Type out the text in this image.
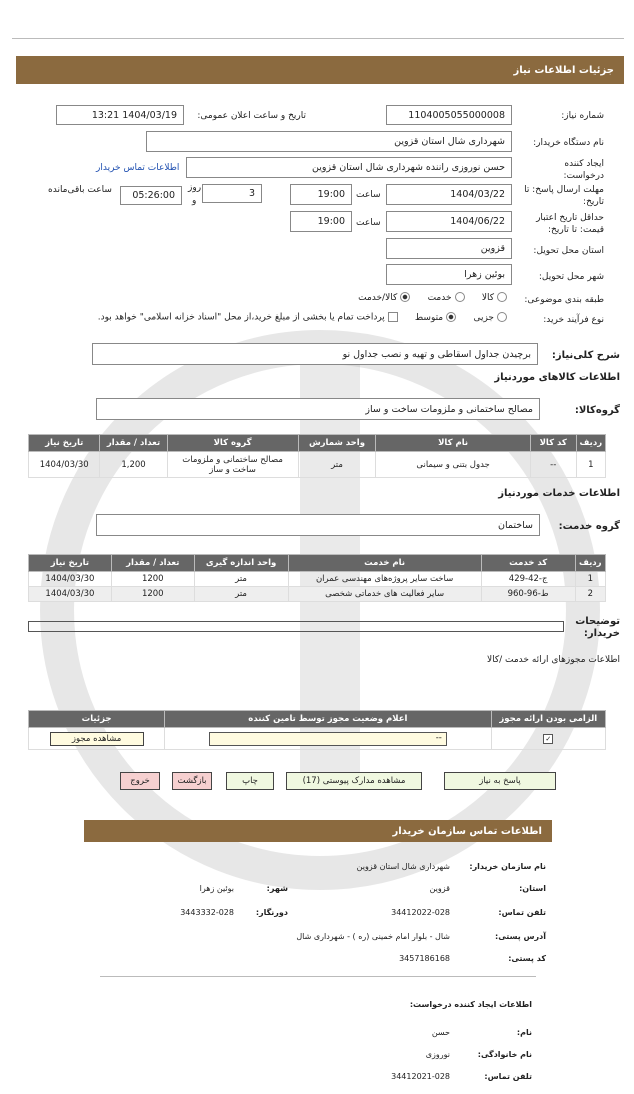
جزئیات اطلاعات نیاز
شماره نیاز:
1104005055000008
تاریخ و ساعت اعلان عمومی:
1404/03/19 13:21
نام دستگاه خریدار:
شهرداری شال استان قزوین
ایجاد کننده درخواست:
حسن نوروزی راننده شهرداری شال استان قزوین
اطلاعات تماس خریدار
مهلت ارسال پاسخ: تا تاریخ:
1404/03/22
ساعت
19:00
3
روز
و
05:26:00
ساعت باقی‌مانده
حداقل تاریخ اعتبار قیمت: تا تاریخ:
1404/06/22
ساعت
19:00
استان محل تحویل:
قزوین
شهر محل تحویل:
بوئین زهرا
طبقه بندی موضوعی:
کالا     خدمت     کالا/خدمت
نوع فرآیند خرید:
جزیی     متوسط       پرداخت تمام یا بخشی از مبلغ خرید،از محل "اسناد خزانه اسلامی" خواهد بود.
شرح کلی‌نیاز:
برچیدن جداول اسقاطی و تهیه و نصب جداول نو
اطلاعات کالاهای موردنیاز
گروه‌کالا:
مصالح ساختمانی و ملزومات ساخت و ساز
ردیف	کد کالا	نام کالا	واحد شمارش	گروه کالا	تعداد / مقدار	تاریخ نیاز
1	--	جدول بتنی و سیمانی	متر	مصالح ساختمانی و ملزومات ساخت و ساز	1,200	1404/03/30
اطلاعات خدمات موردنیاز
گروه خدمت:
ساختمان
ردیف	کد خدمت	نام خدمت	واحد اندازه گیری	تعداد / مقدار	تاریخ نیاز
1	ج-42-429	ساخت سایر پروژه‌های مهندسی عمران	متر	1200	1404/03/30
2	ط-96-960	سایر فعالیت های خدماتی شخصی	متر	1200	1404/03/30
توضیحات خریدار:
اطلاعات مجوزهای ارائه خدمت /کالا
الزامی بودن ارائه مجوز	اعلام وضعیت مجوز توسط تامین کننده	جزئیات
✓	--	مشاهده مجوز
پاسخ به نیاز
مشاهده مدارک پیوستی (17)
چاپ
بازگشت
خروج
اطلاعات تماس سازمان خریدار
نام سازمان خریدار:
شهرداری شال استان قزوین
استان:
قزوین
شهر:
بوئین زهرا
تلفن تماس:
34412022-028
دورنگار:
3443332-028
آدرس پستی:
شال - بلوار امام خمینی (ره ) - شهرداری شال
کد پستی:
3457186168
اطلاعات ایجاد کننده درخواست:
نام:
حسن
نام خانوادگی:
نوروزی
تلفن تماس:
34412021-028
